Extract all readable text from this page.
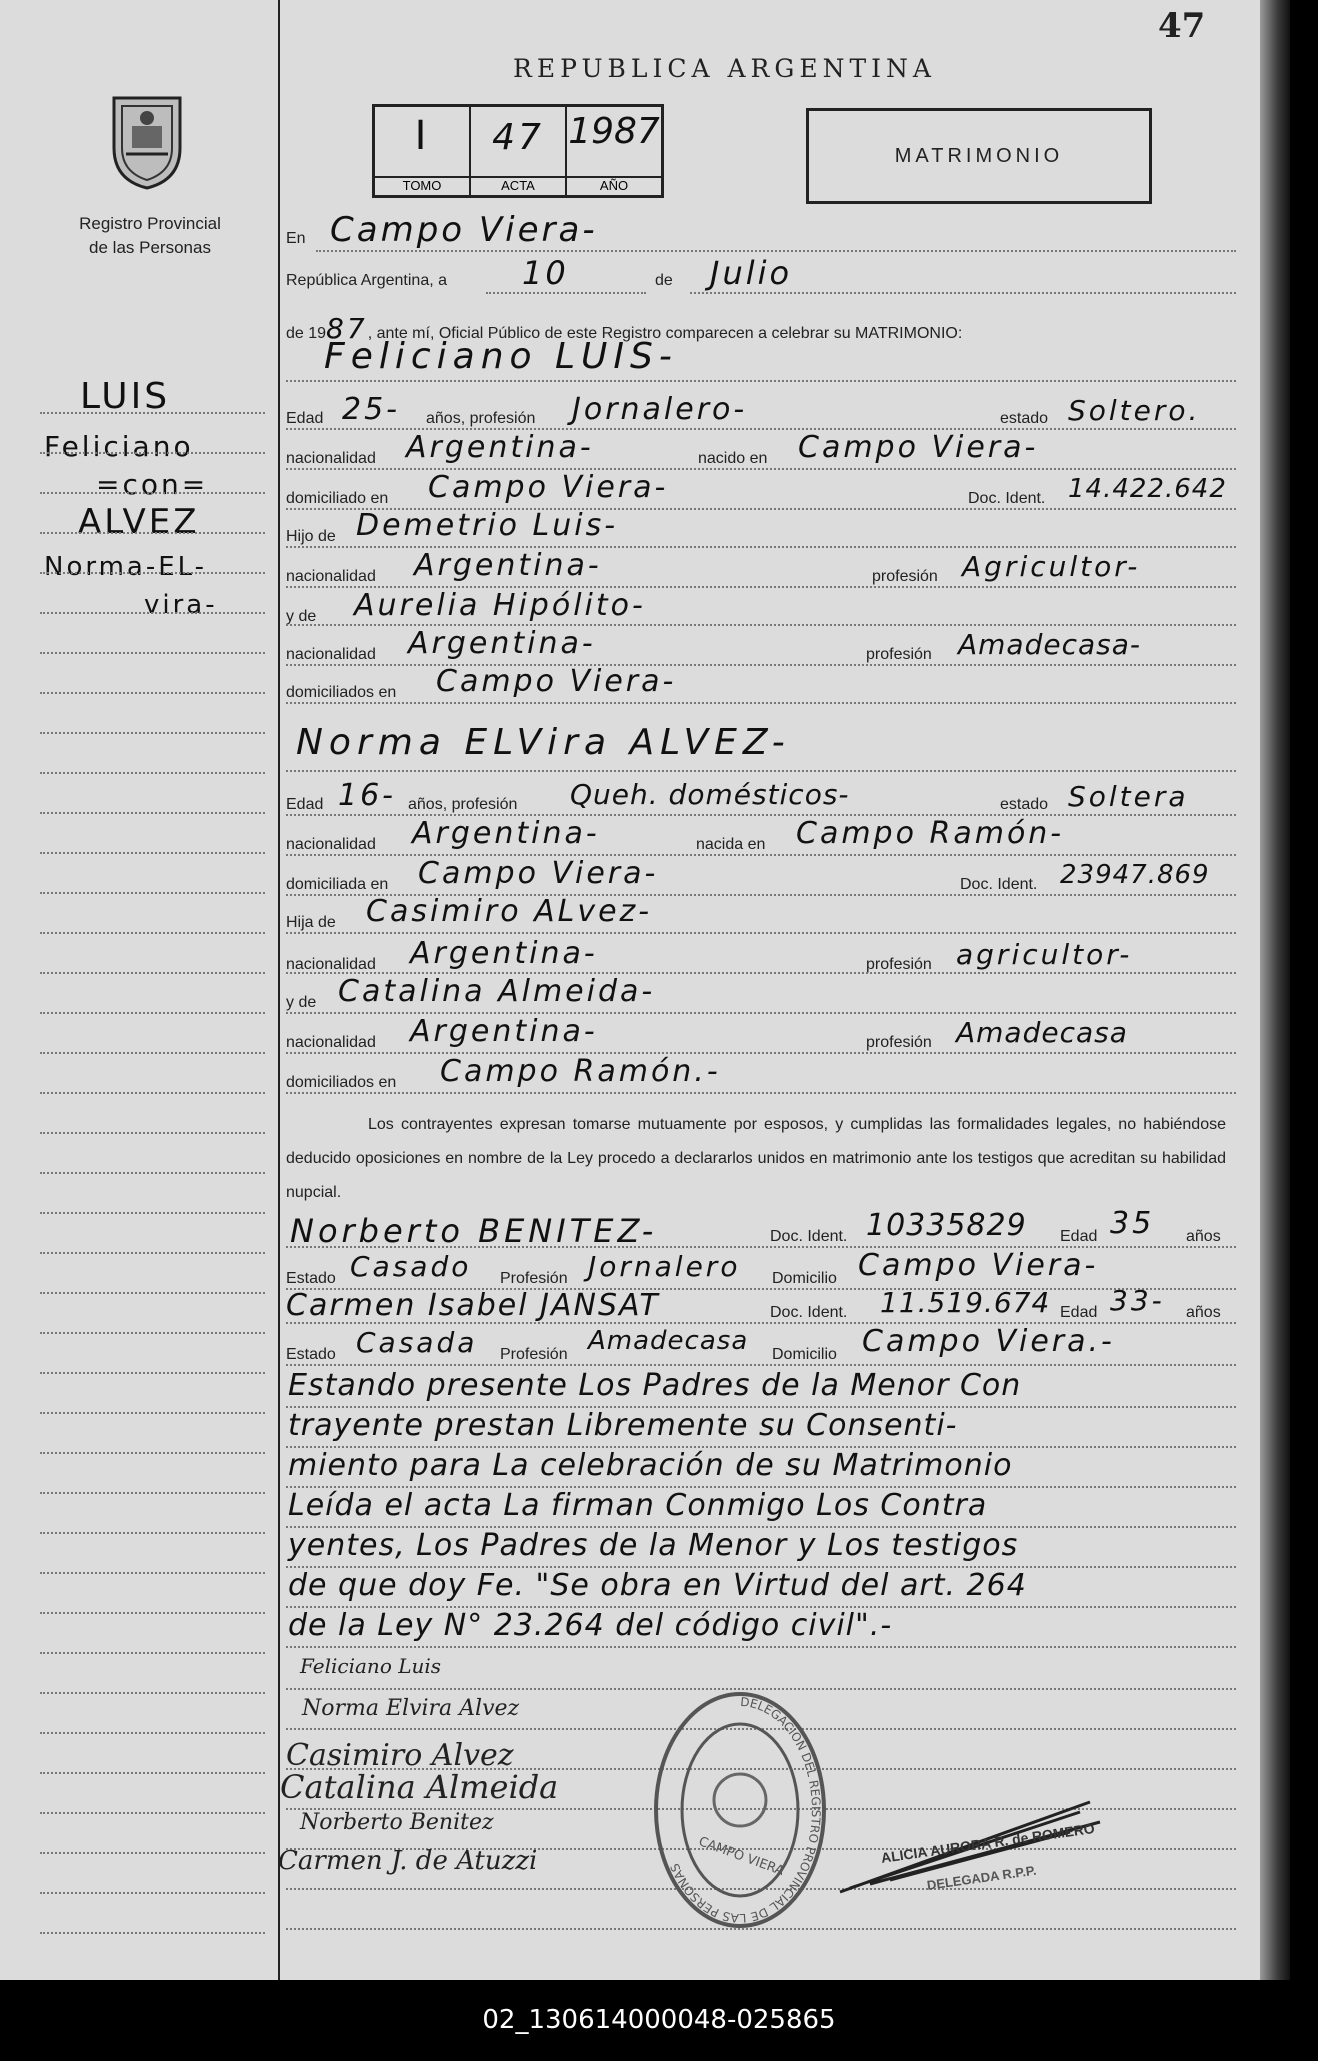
47
Registro Provincial
de las Personas
REPUBLICA ARGENTINA
I
TOMO
47
ACTA
1987
AÑO
MATRIMONIO
LUIS
Feliciano
=con=
ALVEZ
Norma-EL-
vira-
En Campo Viera-
República Argentina, a 10	de Julio
de 1987, ante mí, Oficial Público de este Registro comparecen a celebrar su MATRIMONIO:
Feliciano LUIS-
Edad 25- años, profesión Jornalero-	estado Soltero.
nacionalidad Argentina-	nacido en Campo Viera-
domiciliado en Campo Viera-	Doc. Ident. 14.422.642
Hijo de Demetrio Luis-
nacionalidad Argentina-	profesión Agricultor-
y de Aurelia Hipólito-
nacionalidad Argentina-	profesión Amadecasa-
domiciliados en Campo Viera-
Norma ELVira ALVEZ-
Edad 16- años, profesión Queh. domésticos-	estado Soltera
nacionalidad Argentina-	nacida en Campo Ramón-
domiciliada en Campo Viera-	Doc. Ident. 23947.869
Hija de Casimiro ALvez-
nacionalidad Argentina-	profesión agricultor-
y de Catalina Almeida-
nacionalidad Argentina-	profesión Amadecasa
domiciliados en Campo Ramón.-
Los contrayentes expresan tomarse mutuamente por esposos, y cumplidas las formalidades legales, no habiéndose deducido oposiciones en nombre de la Ley procedo a declararlos unidos en matrimonio ante los testigos que acreditan su habilidad nupcial.
Norberto BENITEZ-	Doc. Ident. 10335829 Edad 35 años
Estado Casado Profesión Jornalero Domicilio Campo Viera-
Carmen Isabel JANSAT	Doc. Ident. 11.519.674 Edad 33- años
Estado Casada Profesión Amadecasa Domicilio Campo Viera.-
Estando presente Los Padres de la Menor Con
trayente prestan Libremente su Consenti-
miento para La celebración de su Matrimonio
Leída el acta La firman Conmigo Los Contra
yentes, Los Padres de la Menor y Los testigos
de que doy Fe. "Se obra en Virtud del art. 264
de la Ley N° 23.264 del código civil".-
Feliciano Luis
Norma Elvira Alvez
Casimiro Alvez
Catalina Almeida
Norberto Benitez
Carmen J. de Atuzzi
DELEGACION DEL REGISTRO PROVINCIAL DE LAS PERSONAS CAMPO VIERA	ALICIA AURORA R. de ROMERO
DELEGADA R.P.P.
02_130614000048-025865
